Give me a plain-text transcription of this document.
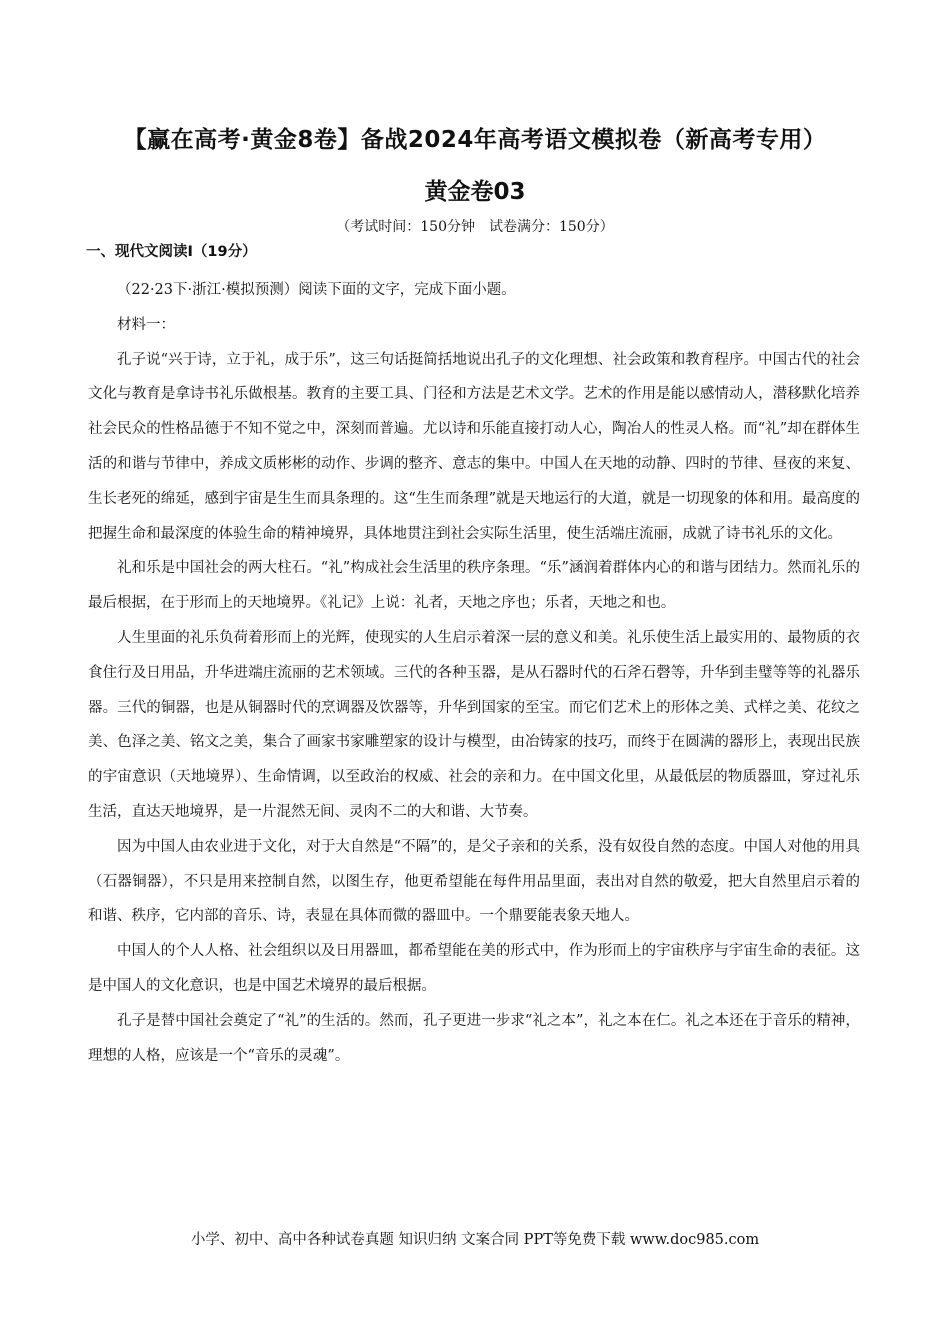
【赢在高考·黄金8卷】备战2024年高考语文模拟卷（新高考专用）
黄金卷03
（考试时间：150分钟　试卷满分：150分）
一、现代文阅读Ⅰ（19分）

（22·23下·浙江·模拟预测）阅读下面的文字，完成下面小题。

材料一：

孔子说“兴于诗，立于礼，成于乐”，这三句话挺简括地说出孔子的文化理想、社会政策和教育程序。中国古代的社会文化与教育是拿诗书礼乐做根基。教育的主要工具、门径和方法是艺术文学。艺术的作用是能以感情动人，潜移默化培养社会民众的性格品德于不知不觉之中，深刻而普遍。尤以诗和乐能直接打动人心，陶冶人的性灵人格。而“礼”却在群体生活的和谐与节律中，养成文质彬彬的动作、步调的整齐、意志的集中。中国人在天地的动静、四时的节律、昼夜的来复、生长老死的绵延，感到宇宙是生生而具条理的。这“生生而条理”就是天地运行的大道，就是一切现象的体和用。最高度的把握生命和最深度的体验生命的精神境界，具体地贯注到社会实际生活里，使生活端庄流丽，成就了诗书礼乐的文化。

礼和乐是中国社会的两大柱石。“礼”构成社会生活里的秩序条理。“乐”涵润着群体内心的和谐与团结力。然而礼乐的最后根据，在于形而上的天地境界。《礼记》上说：礼者，天地之序也；乐者，天地之和也。

人生里面的礼乐负荷着形而上的光辉，使现实的人生启示着深一层的意义和美。礼乐使生活上最实用的、最物质的衣食住行及日用品，升华进端庄流丽的艺术领域。三代的各种玉器，是从石器时代的石斧石磬等，升华到圭璧等等的礼器乐器。三代的铜器，也是从铜器时代的烹调器及饮器等，升华到国家的至宝。而它们艺术上的形体之美、式样之美、花纹之美、色泽之美、铭文之美，集合了画家书家雕塑家的设计与模型，由冶铸家的技巧，而终于在圆满的器形上，表现出民族的宇宙意识（天地境界）、生命情调，以至政治的权威、社会的亲和力。在中国文化里，从最低层的物质器皿，穿过礼乐生活，直达天地境界，是一片混然无间、灵肉不二的大和谐、大节奏。

因为中国人由农业进于文化，对于大自然是“不隔”的，是父子亲和的关系，没有奴役自然的态度。中国人对他的用具（石器铜器），不只是用来控制自然，以图生存，他更希望能在每件用品里面，表出对自然的敬爱，把大自然里启示着的和谐、秩序，它内部的音乐、诗，表显在具体而微的器皿中。一个鼎要能表象天地人。

中国人的个人人格、社会组织以及日用器皿，都希望能在美的形式中，作为形而上的宇宙秩序与宇宙生命的表征。这是中国人的文化意识，也是中国艺术境界的最后根据。

孔子是替中国社会奠定了“礼”的生活的。然而，孔子更进一步求“礼之本”，礼之本在仁。礼之本还在于音乐的精神，理想的人格，应该是一个“音乐的灵魂”。

小学、初中、高中各种试卷真题 知识归纳 文案合同 PPT等免费下载 www.doc985.com
